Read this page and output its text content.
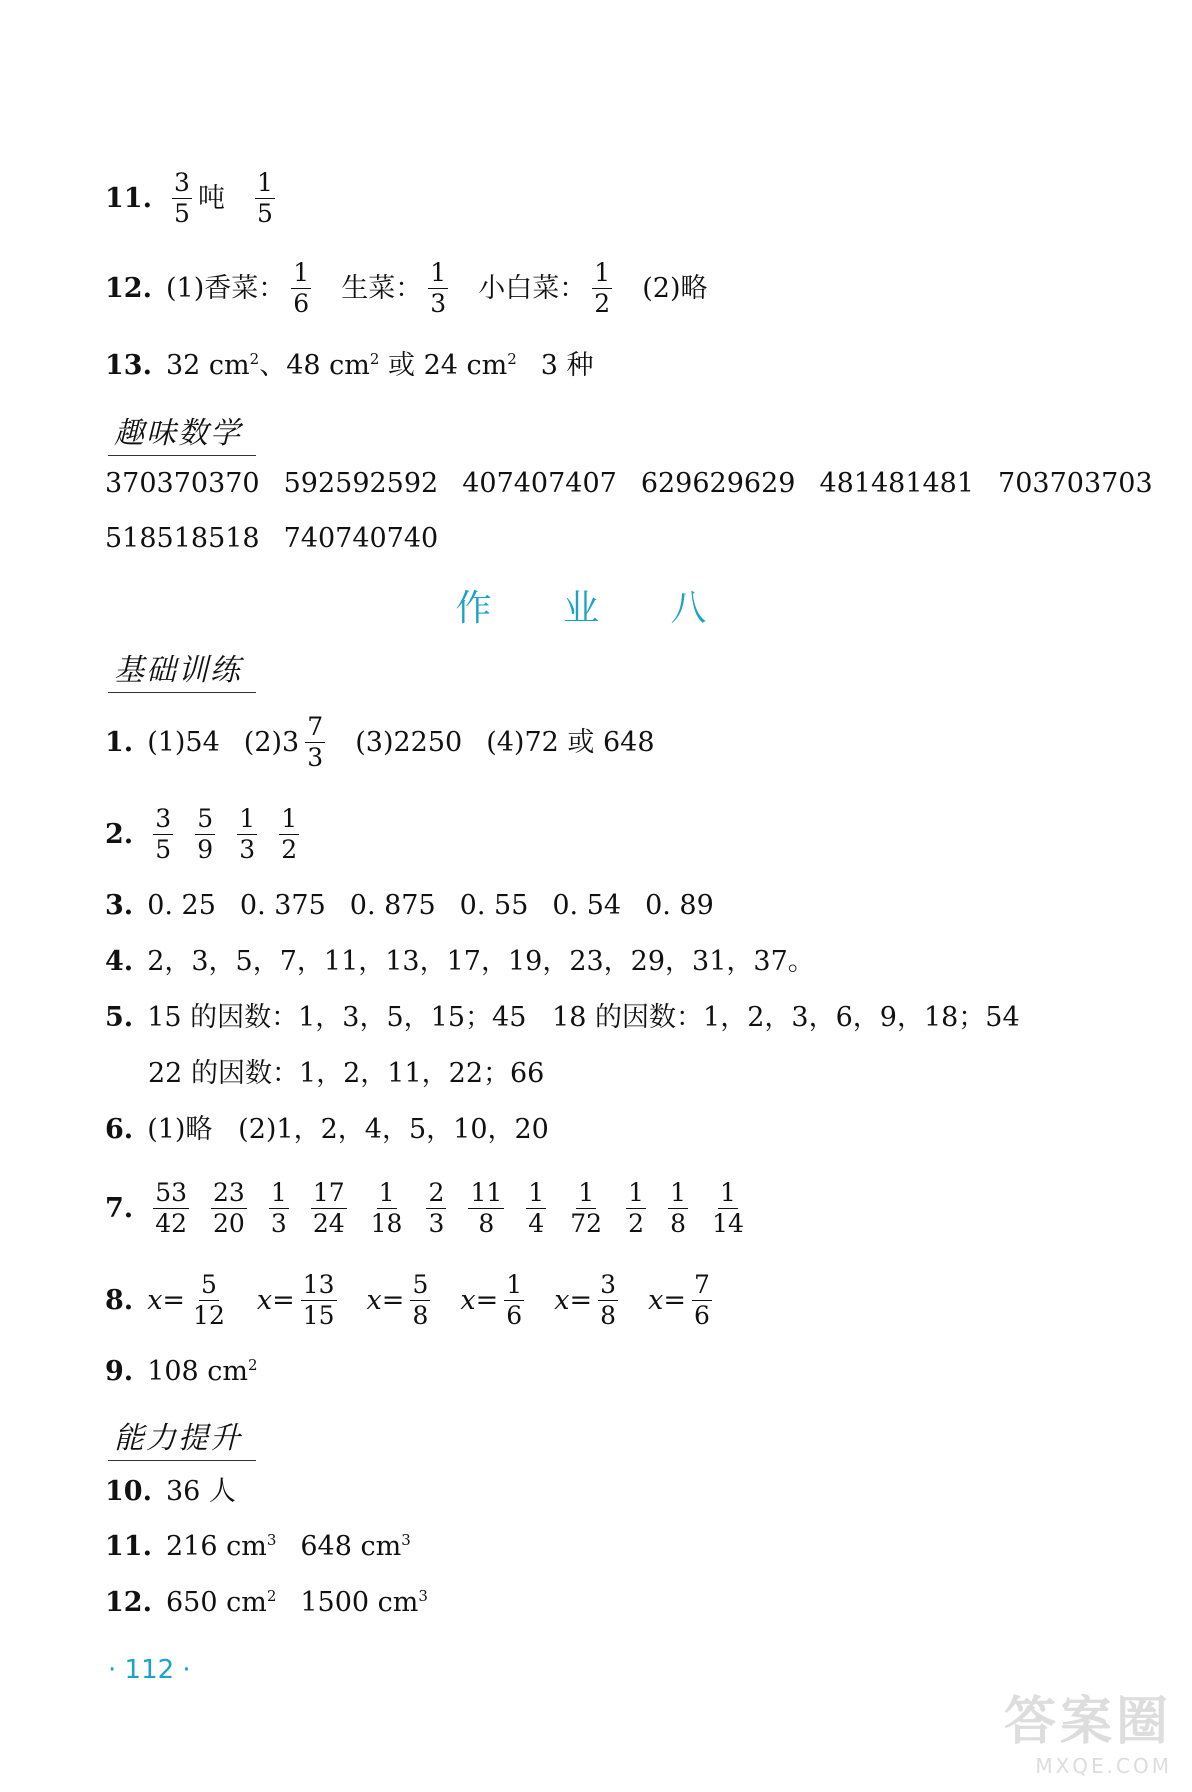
11. $\frac{3}{5}$ 吨 $\frac{1}{5}$
12. (1)香菜： $\frac{1}{6}$ 生菜： $\frac{1}{3}$ 小白菜： $\frac{1}{2} (2)$略
13. 32 $cm^2$ 、48 $cm^2$ 或 24 $cm^2$ 3 种
趣味数学
370370370 592592592 407407407 629629629 481481481 703703703
518518518 740740740
作 业 八
基础训练
1. (1)54 $(2)3 \frac{7}{3} (3)2250$ (4)72 或 648
2. $\frac{3}{5} \frac{5}{9} \frac{1}{3} \frac{1}{2}$
3. 0. 25 0. 375 0. 875 0. 55 0. 54 0. 89
4. 2，3，5，7，11，13，17，19，23，29，31，37。
5. 15 的因数：1，3，5，15；45   18 的因数：1，2，3，6，9，18；54
22 的因数：1，2，11，22；66
6. (1)略   (2)1，2，4，5，10，20
7. $\frac{53}{42} \frac{23}{20} \frac{1}{3} \frac{17}{24} \frac{1}{18} \frac{2}{3} \frac{11}{8} \frac{1}{4} \frac{1}{72} \frac{1}{2} \frac{1}{8} \frac{1}{14}$
8. $x = \frac{5}{12}$ $x = \frac{13}{15}$ $x = \frac{5}{8}$ $x = \frac{1}{6}$ $x = \frac{3}{8}$ $x = \frac{7}{6}$
9. 108 $cm^2$
能力提升
10. 36 人
11. 216 $cm^3$ 648 $cm^3$
12. 650 $cm^2$ 1500 $cm^3$
· 112 ·
答案圈
MXQE.COM
